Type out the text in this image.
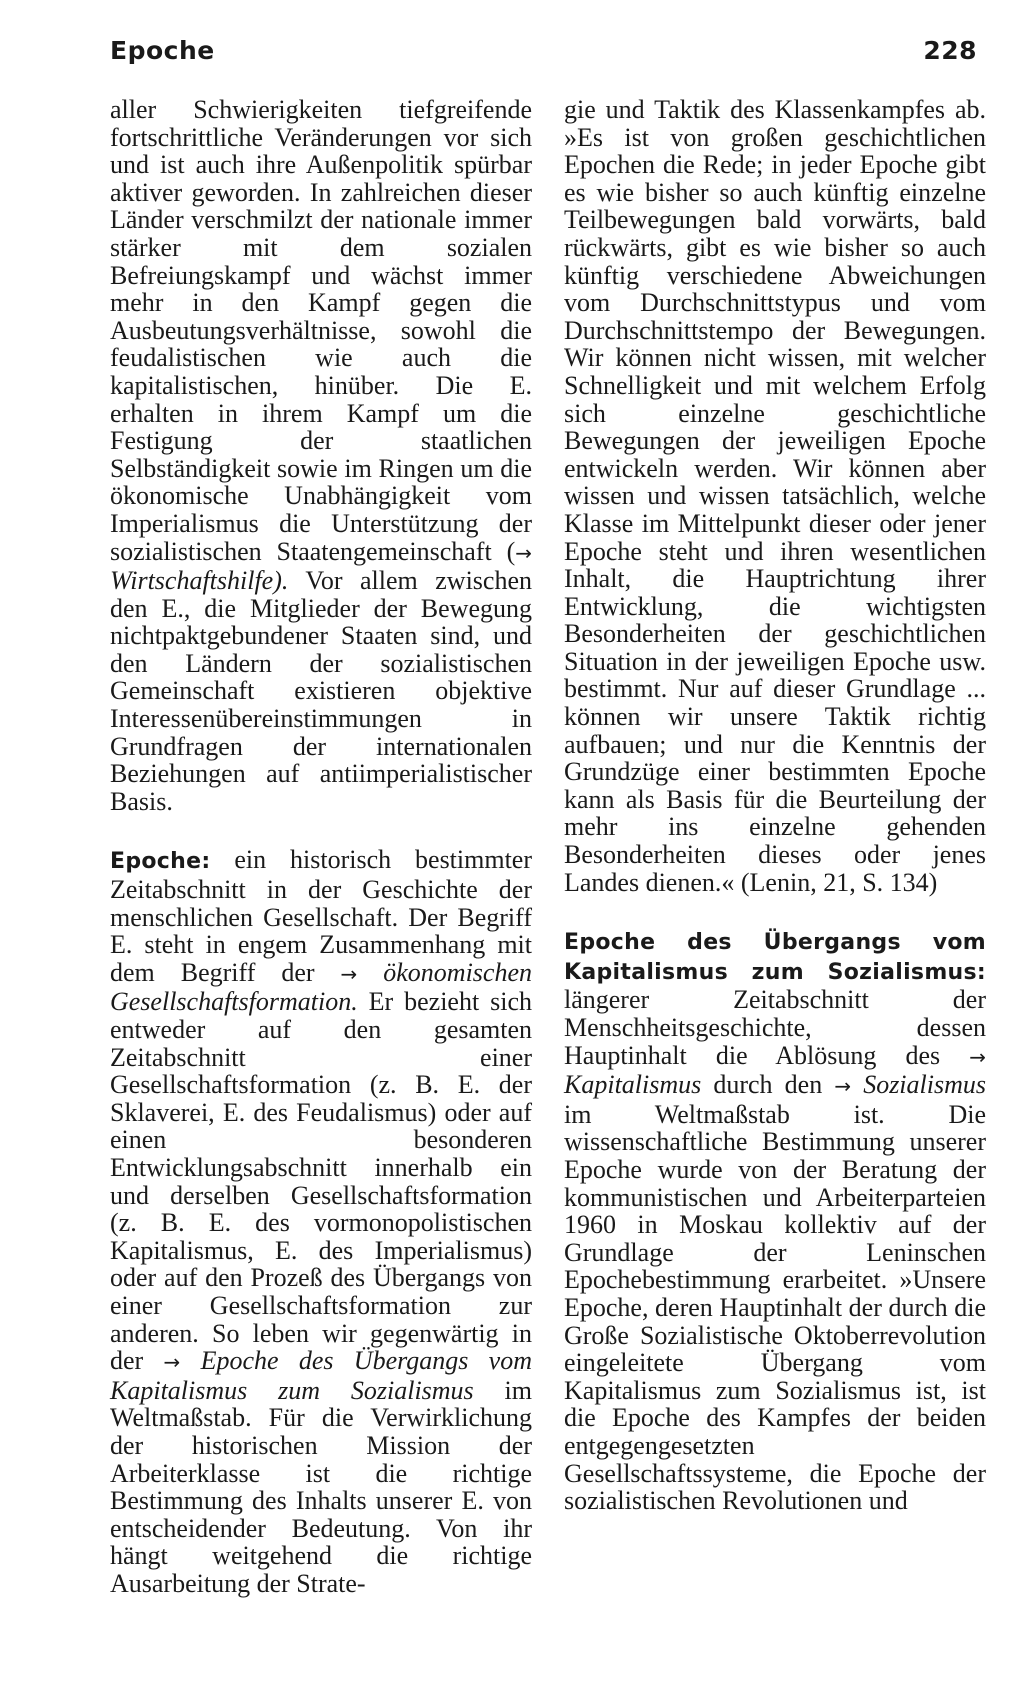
Epoche	228

aller Schwierigkeiten tiefgreifende fortschrittliche Veränderungen vor sich und ist auch ihre Außenpolitik spürbar aktiver geworden. In zahlreichen dieser Länder verschmilzt der nationale immer stärker mit dem sozialen Befreiungskampf und wächst immer mehr in den Kampf gegen die Ausbeutungsverhältnisse, sowohl die feudalistischen wie auch die kapitalistischen, hinüber. Die E. erhalten in ihrem Kampf um die Festigung der staatlichen Selbständigkeit sowie im Ringen um die ökonomische Unabhängigkeit vom Imperialismus die Unterstützung der sozialistischen Staatengemeinschaft (→ Wirtschaftshilfe). Vor allem zwischen den E., die Mitglieder der Bewegung nichtpaktgebundener Staaten sind, und den Ländern der sozialistischen Gemeinschaft existieren objektive Interessenübereinstimmungen in Grundfragen der internationalen Beziehungen auf antiimperialistischer Basis.

Epoche: ein historisch bestimmter Zeitabschnitt in der Geschichte der menschlichen Gesellschaft. Der Begriff E. steht in engem Zusammenhang mit dem Begriff der → ökonomischen Gesellschaftsformation. Er bezieht sich entweder auf den gesamten Zeitabschnitt einer Gesellschaftsformation (z. B. E. der Sklaverei, E. des Feudalismus) oder auf einen besonderen Entwicklungsabschnitt innerhalb ein und derselben Gesellschaftsformation (z. B. E. des vormonopolistischen Kapitalismus, E. des Imperialismus) oder auf den Prozeß des Übergangs von einer Gesellschaftsformation zur anderen. So leben wir gegenwärtig in der → Epoche des Übergangs vom Kapitalismus zum Sozialismus im Weltmaßstab. Für die Verwirklichung der historischen Mission der Arbeiterklasse ist die richtige Bestimmung des Inhalts unserer E. von entscheidender Bedeutung. Von ihr hängt weitgehend die richtige Ausarbeitung der Strate-

gie und Taktik des Klassenkampfes ab. »Es ist von großen geschichtlichen Epochen die Rede; in jeder Epoche gibt es wie bisher so auch künftig einzelne Teilbewegungen bald vorwärts, bald rückwärts, gibt es wie bisher so auch künftig verschiedene Abweichungen vom Durchschnittstypus und vom Durchschnittstempo der Bewegungen. Wir können nicht wissen, mit welcher Schnelligkeit und mit welchem Erfolg sich einzelne geschichtliche Bewegungen der jeweiligen Epoche entwickeln werden. Wir können aber wissen und wissen tatsächlich, welche Klasse im Mittelpunkt dieser oder jener Epoche steht und ihren wesentlichen Inhalt, die Hauptrichtung ihrer Entwicklung, die wichtigsten Besonderheiten der geschichtlichen Situation in der jeweiligen Epoche usw. bestimmt. Nur auf dieser Grundlage ... können wir unsere Taktik richtig aufbauen; und nur die Kenntnis der Grundzüge einer bestimmten Epoche kann als Basis für die Beurteilung der mehr ins einzelne gehenden Besonderheiten dieses oder jenes Landes dienen.« (Lenin, 21, S. 134)

Epoche des Übergangs vom Kapitalismus zum Sozialismus: längerer Zeitabschnitt der Menschheitsgeschichte, dessen Hauptinhalt die Ablösung des → Kapitalismus durch den → Sozialismus im Weltmaßstab ist. Die wissenschaftliche Bestimmung unserer Epoche wurde von der Beratung der kommunistischen und Arbeiterparteien 1960 in Moskau kollektiv auf der Grundlage der Leninschen Epochebestimmung erarbeitet. »Unsere Epoche, deren Hauptinhalt der durch die Große Sozialistische Oktoberrevolution eingeleitete Übergang vom Kapitalismus zum Sozialismus ist, ist die Epoche des Kampfes der beiden entgegengesetzten Gesellschaftssysteme, die Epoche der sozialistischen Revolutionen und
